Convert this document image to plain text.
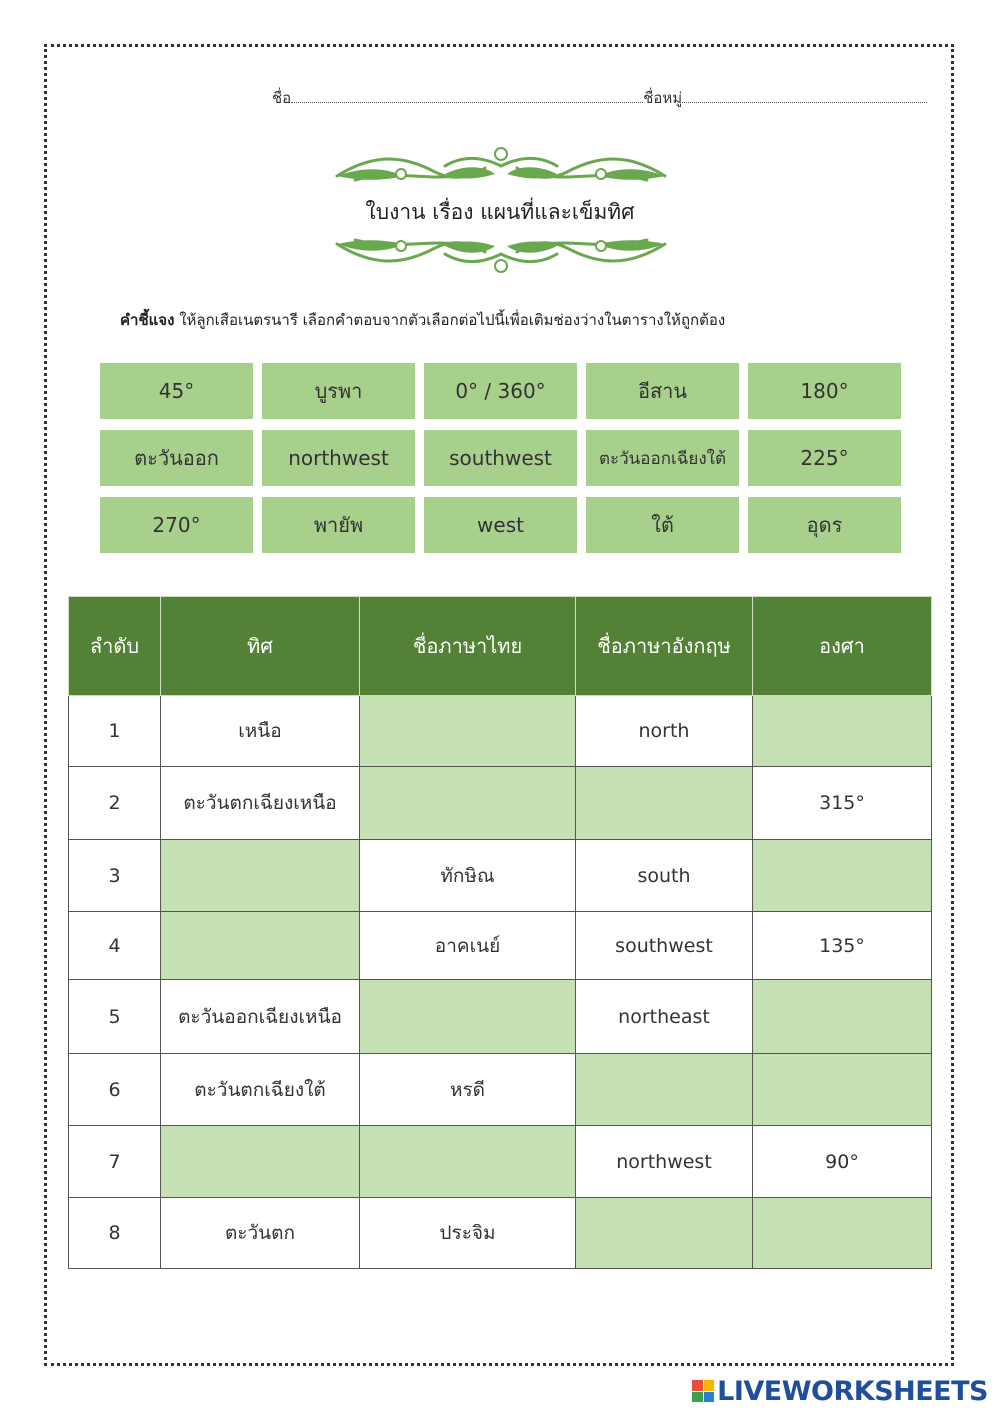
ชื่อ	ชื่อหมู่
ใบงาน เรื่อง แผนที่และเข็มทิศ
คำชี้แจง ให้ลูกเสือเนตรนารี เลือกคำตอบจากตัวเลือกต่อไปนี้เพื่อเติมช่องว่างในตารางให้ถูกต้อง
45°	บูรพา	0° / 360°	อีสาน	180°
ตะวันออก	northwest	southwest	ตะวันออกเฉียงใต้	225°
270°	พายัพ	west	ใต้	อุดร
ลำดับ	ทิศ	ชื่อภาษาไทย	ชื่อภาษาอังกฤษ	องศา
1	เหนือ		north	
2	ตะวันตกเฉียงเหนือ			315°
3		ทักษิณ	south	
4		อาคเนย์	southwest	135°
5	ตะวันออกเฉียงเหนือ		northeast	
6	ตะวันตกเฉียงใต้	หรดี		
7			northwest	90°
8	ตะวันตก	ประจิม		
LIVEWORKSHEETS
